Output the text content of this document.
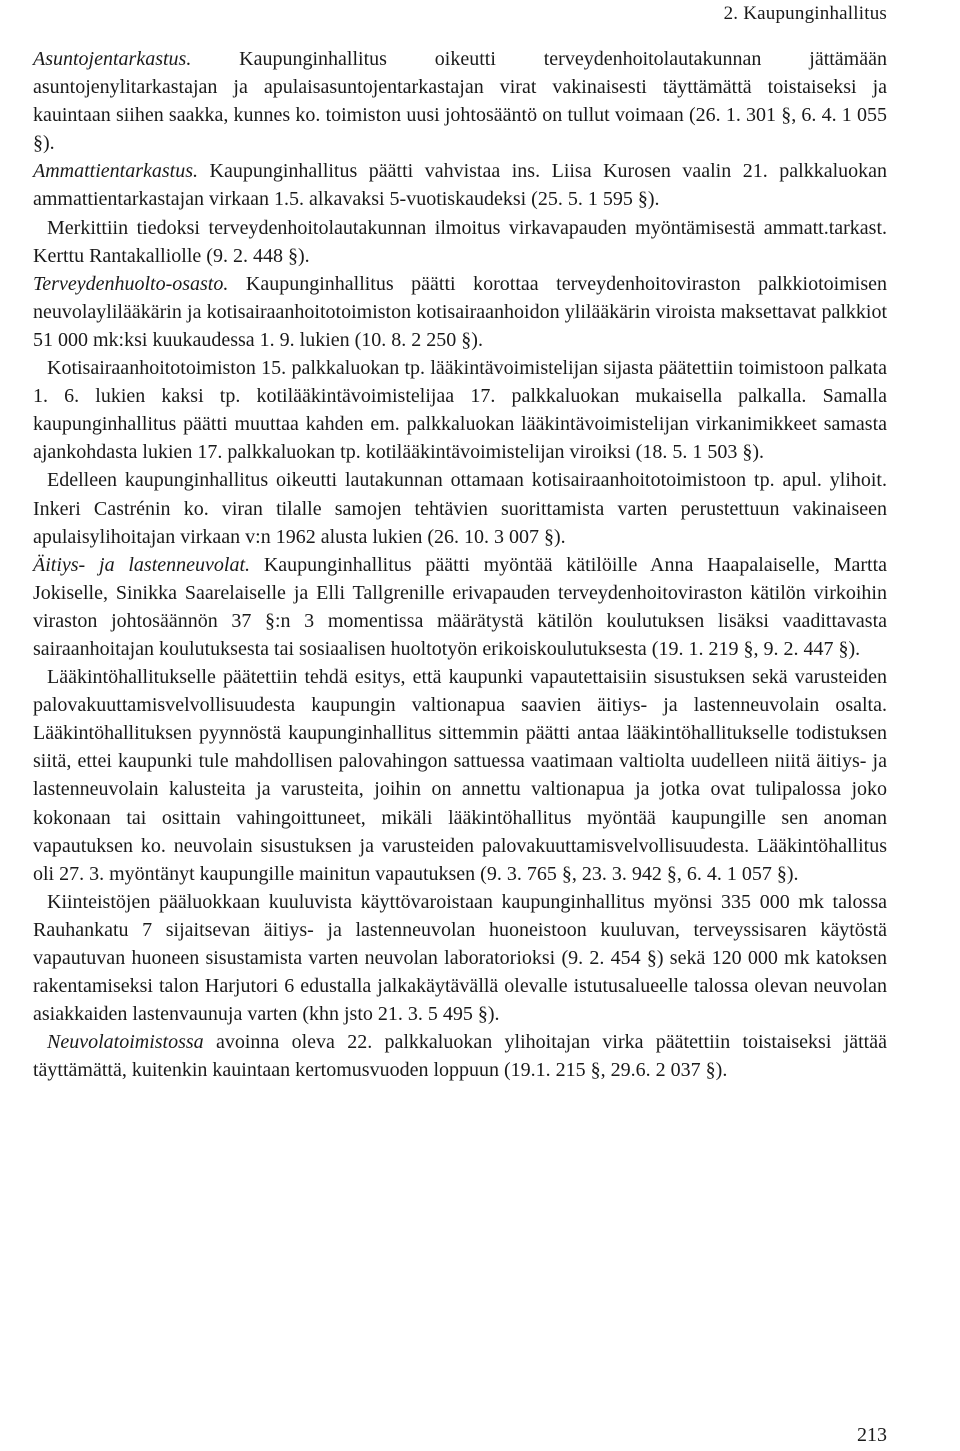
2. Kaupunginhallitus

Asuntojentarkastus. Kaupunginhallitus oikeutti terveydenhoitolautakunnan jättämään asuntojenylitarkastajan ja apulaisasuntojentarkastajan virat vakinaisesti täyttämättä toistaiseksi ja kauintaan siihen saakka, kunnes ko. toimiston uusi johtosääntö on tullut voimaan (26. 1. 301 §, 6. 4. 1 055 §).

Ammattientarkastus. Kaupunginhallitus päätti vahvistaa ins. Liisa Kurosen vaalin 21. palkkaluokan ammattientarkastajan virkaan 1.5. alkavaksi 5-vuotiskaudeksi (25. 5. 1 595 §).

Merkittiin tiedoksi terveydenhoitolautakunnan ilmoitus virkavapauden myöntämisestä ammatt.tarkast. Kerttu Rantakalliolle (9. 2. 448 §).

Terveydenhuolto-osasto. Kaupunginhallitus päätti korottaa terveydenhoitoviraston palkkiotoimisen neuvolaylilääkärin ja kotisairaanhoitotoimiston kotisairaanhoidon ylilääkärin viroista maksettavat palkkiot 51 000 mk:ksi kuukaudessa 1. 9. lukien (10. 8. 2 250 §).

Kotisairaanhoitotoimiston 15. palkkaluokan tp. lääkintävoimistelijan sijasta päätettiin toimistoon palkata 1. 6. lukien kaksi tp. kotilääkintävoimistelijaa 17. palkkaluokan mukaisella palkalla. Samalla kaupunginhallitus päätti muuttaa kahden em. palkkaluokan lääkintävoimistelijan virkanimikkeet samasta ajankohdasta lukien 17. palkkaluokan tp. kotilääkintävoimistelijan viroiksi (18. 5. 1 503 §).

Edelleen kaupunginhallitus oikeutti lautakunnan ottamaan kotisairaanhoitotoimistoon tp. apul. ylihoit. Inkeri Castrénin ko. viran tilalle samojen tehtävien suorittamista varten perustettuun vakinaiseen apulaisylihoitajan virkaan v:n 1962 alusta lukien (26. 10. 3 007 §).

Äitiys- ja lastenneuvolat. Kaupunginhallitus päätti myöntää kätilöille Anna Haapalaiselle, Martta Jokiselle, Sinikka Saarelaiselle ja Elli Tallgrenille erivapauden terveydenhoitoviraston kätilön virkoihin viraston johtosäännön 37 §:n 3 momentissa määrätystä kätilön koulutuksen lisäksi vaadittavasta sairaanhoitajan koulutuksesta tai sosiaalisen huoltotyön erikoiskoulutuksesta (19. 1. 219 §, 9. 2. 447 §).

Lääkintöhallitukselle päätettiin tehdä esitys, että kaupunki vapautettaisiin sisustuksen sekä varusteiden palovakuuttamisvelvollisuudesta kaupungin valtionapua saavien äitiys- ja lastenneuvolain osalta. Lääkintöhallituksen pyynnöstä kaupunginhallitus sittemmin päätti antaa lääkintöhallitukselle todistuksen siitä, ettei kaupunki tule mahdollisen palovahingon sattuessa vaatimaan valtiolta uudelleen niitä äitiys- ja lastenneuvolain kalusteita ja varusteita, joihin on annettu valtionapua ja jotka ovat tulipalossa joko kokonaan tai osittain vahingoittuneet, mikäli lääkintöhallitus myöntää kaupungille sen anoman vapautuksen ko. neuvolain sisustuksen ja varusteiden palovakuuttamisvelvollisuudesta. Lääkintöhallitus oli 27. 3. myöntänyt kaupungille mainitun vapautuksen (9. 3. 765 §, 23. 3. 942 §, 6. 4. 1 057 §).

Kiinteistöjen pääluokkaan kuuluvista käyttövaroistaan kaupunginhallitus myönsi 335 000 mk talossa Rauhankatu 7 sijaitsevan äitiys- ja lastenneuvolan huoneistoon kuuluvan, terveyssisaren käytöstä vapautuvan huoneen sisustamista varten neuvolan laboratorioksi (9. 2. 454 §) sekä 120 000 mk katoksen rakentamiseksi talon Harjutori 6 edustalla jalkakäytävällä olevalle istutusalueelle talossa olevan neuvolan asiakkaiden lastenvaunuja varten (khn jsto 21. 3. 5 495 §).

Neuvolatoimistossa avoinna oleva 22. palkkaluokan ylihoitajan virka päätettiin toistaiseksi jättää täyttämättä, kuitenkin kauintaan kertomusvuoden loppuun (19.1. 215 §, 29.6. 2 037 §).

213
